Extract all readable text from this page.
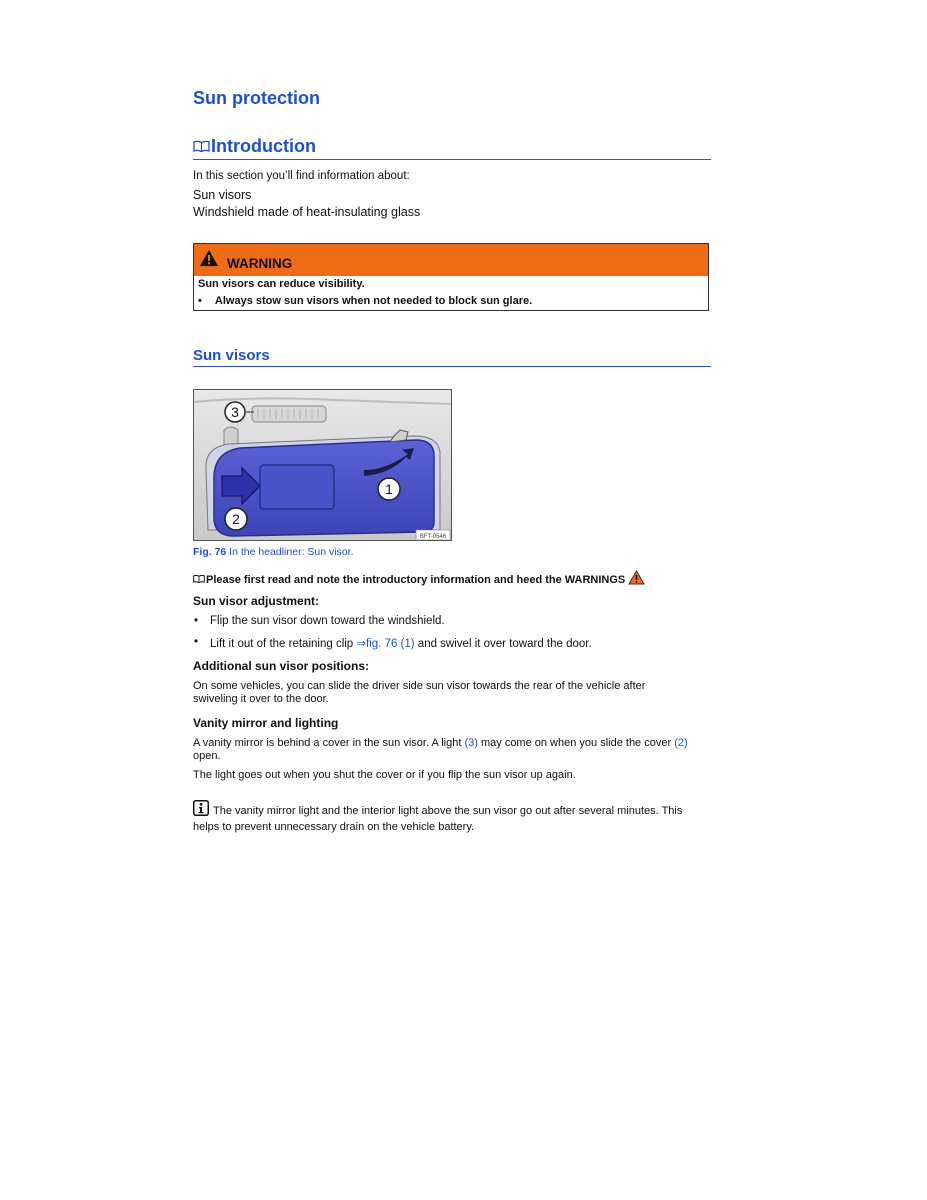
Sun protection
Introduction
In this section you’ll find information about:
Sun visors
Windshield made of heat-insulating glass
WARNING
Sun visors can reduce visibility.
• Always stow sun visors when not needed to block sun glare.
Sun visors
3
1
2
BFT-0546
Fig. 76 In the headliner: Sun visor.
Please first read and note the introductory information and heed the WARNINGS
Sun visor adjustment:
• Flip the sun visor down toward the windshield.
• Lift it out of the retaining clip ⇒fig. 76 (1) and swivel it over toward the door.
Additional sun visor positions:
On some vehicles, you can slide the driver side sun visor towards the rear of the vehicle after
swiveling it over to the door.
Vanity mirror and lighting
A vanity mirror is behind a cover in the sun visor. A light (3) may come on when you slide the cover (2)
open.
The light goes out when you shut the cover or if you flip the sun visor up again.
The vanity mirror light and the interior light above the sun visor go out after several minutes. This
helps to prevent unnecessary drain on the vehicle battery.
